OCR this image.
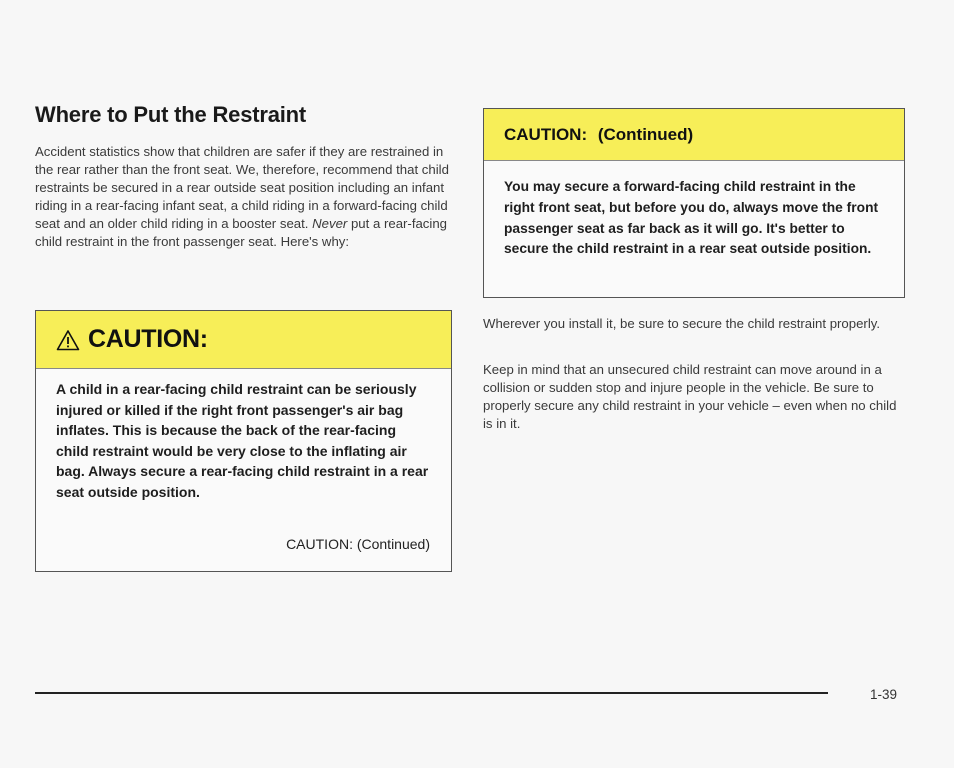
Where to Put the Restraint

Accident statistics show that children are safer if they are restrained in the rear rather than the front seat. We, therefore, recommend that child restraints be secured in a rear outside seat position including an infant riding in a rear-facing infant seat, a child riding in a forward-facing child seat and an older child riding in a booster seat. Never put a rear-facing child restraint in the front passenger seat. Here's why:

CAUTION:

A child in a rear-facing child restraint can be seriously injured or killed if the right front passenger's air bag inflates. This is because the back of the rear-facing child restraint would be very close to the inflating air bag. Always secure a rear-facing child restraint in a rear seat outside position.

CAUTION: (Continued)
CAUTION: (Continued)

You may secure a forward-facing child restraint in the right front seat, but before you do, always move the front passenger seat as far back as it will go. It's better to secure the child restraint in a rear seat outside position.

Wherever you install it, be sure to secure the child restraint properly.

Keep in mind that an unsecured child restraint can move around in a collision or sudden stop and injure people in the vehicle. Be sure to properly secure any child restraint in your vehicle – even when no child is in it.

1-39
